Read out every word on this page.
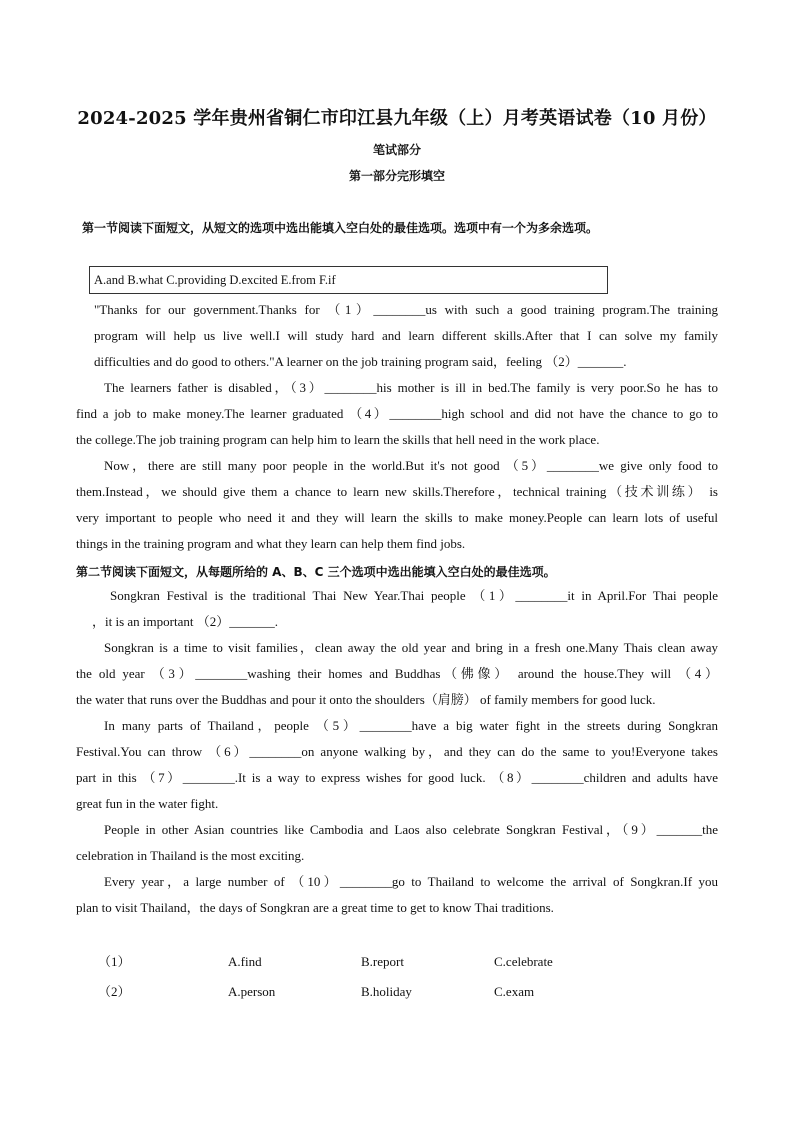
2024-2025 学年贵州省铜仁市印江县九年级（上）月考英语试卷（10 月份）
笔试部分
第一部分完形填空
第一节阅读下面短文，从短文的选项中选出能填入空白处的最佳选项。选项中有一个为多余选项。
A.and B.what C.providing D.excited E.from F.if
"Thanks for our government.Thanks for （1）________us with such a good training program.The training
program will help us live well.I will study hard and learn different skills.After that I can solve my family
difficulties and do good to others."A learner on the job training program said，feeling （2）_______.
The learners father is disabled，（3）________his mother is ill in bed.The family is very poor.So he has to
find a job to make money.The learner graduated （4）________high school and did not have the chance to go to
the college.The job training program can help him to learn the skills that hell need in the work place.
Now，there are still many poor people in the world.But it's not good （5）________we give only food to
them.Instead，we should give them a chance to learn new skills.Therefore，technical training（技术训练） is
very important to people who need it and they will learn the skills to make money.People can learn lots of useful
things in the training program and what they learn can help them find jobs.
第二节阅读下面短文，从每题所给的 A、B、C 三个选项中选出能填入空白处的最佳选项。
Songkran Festival is the traditional Thai New Year.Thai people （1）________it in April.For Thai people
，it is an important （2）_______.
Songkran is a time to visit families，clean away the old year and bring in a fresh one.Many Thais clean away
the old year （3）________washing their homes and Buddhas（佛像） around the house.They will （4）
the water that runs over the Buddhas and pour it onto the shoulders（肩膀） of family members for good luck.
In many parts of Thailand，people （5）________have a big water fight in the streets during Songkran
Festival.You can throw （6）________on anyone walking by，and they can do the same to you!Everyone takes
part in this （7）________.It is a way to express wishes for good luck. （8）________children and adults have
great fun in the water fight.
People in other Asian countries like Cambodia and Laos also celebrate Songkran Festival，（9）_______the
celebration in Thailand is the most exciting.
Every year，a large number of （10）________go to Thailand to welcome the arrival of Songkran.If you
plan to visit Thailand，the days of Songkran are a great time to get to know Thai traditions.
（1）	A.find	B.report	C.celebrate
（2）	A.person	B.holiday	C.exam
